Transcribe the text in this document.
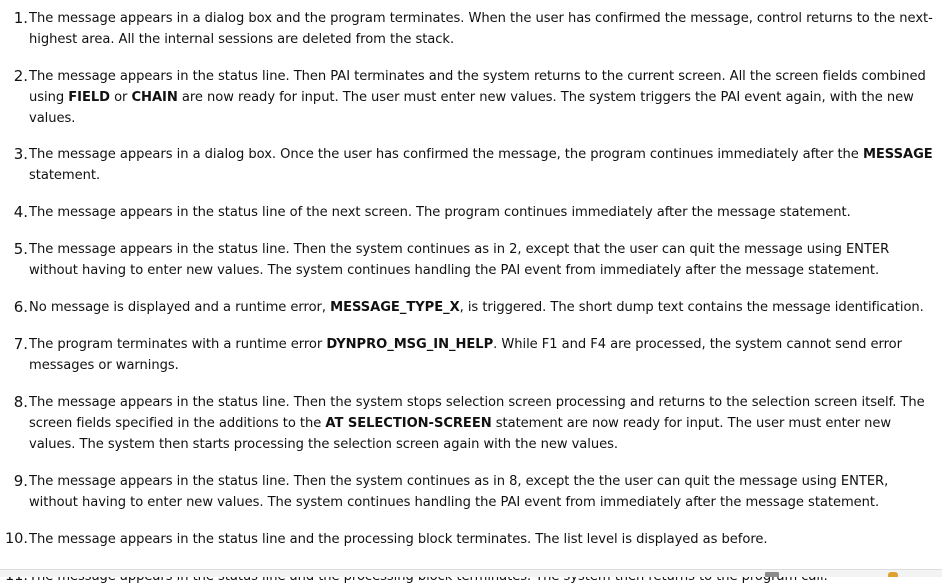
1. The message appears in a dialog box and the program terminates. When the user has confirmed the message, control returns to the next-highest area. All the internal sessions are deleted from the stack.
2. The message appears in the status line. Then PAI terminates and the system returns to the current screen. All the screen fields combined using FIELD or CHAIN are now ready for input. The user must enter new values. The system triggers the PAI event again, with the new values.
3. The message appears in a dialog box. Once the user has confirmed the message, the program continues immediately after the MESSAGE statement.
4. The message appears in the status line of the next screen. The program continues immediately after the message statement.
5. The message appears in the status line. Then the system continues as in 2, except that the user can quit the message using ENTER without having to enter new values. The system continues handling the PAI event from immediately after the message statement.
6. No message is displayed and a runtime error, MESSAGE_TYPE_X, is triggered. The short dump text contains the message identification.
7. The program terminates with a runtime error DYNPRO_MSG_IN_HELP. While F1 and F4 are processed, the system cannot send error messages or warnings.
8. The message appears in the status line. Then the system stops selection screen processing and returns to the selection screen itself. The screen fields specified in the additions to the AT SELECTION-SCREEN statement are now ready for input. The user must enter new values. The system then starts processing the selection screen again with the new values.
9. The message appears in the status line. Then the system continues as in 8, except the the user can quit the message using ENTER, without having to enter new values. The system continues handling the PAI event from immediately after the message statement.
10. The message appears in the status line and the processing block terminates. The list level is displayed as before.
